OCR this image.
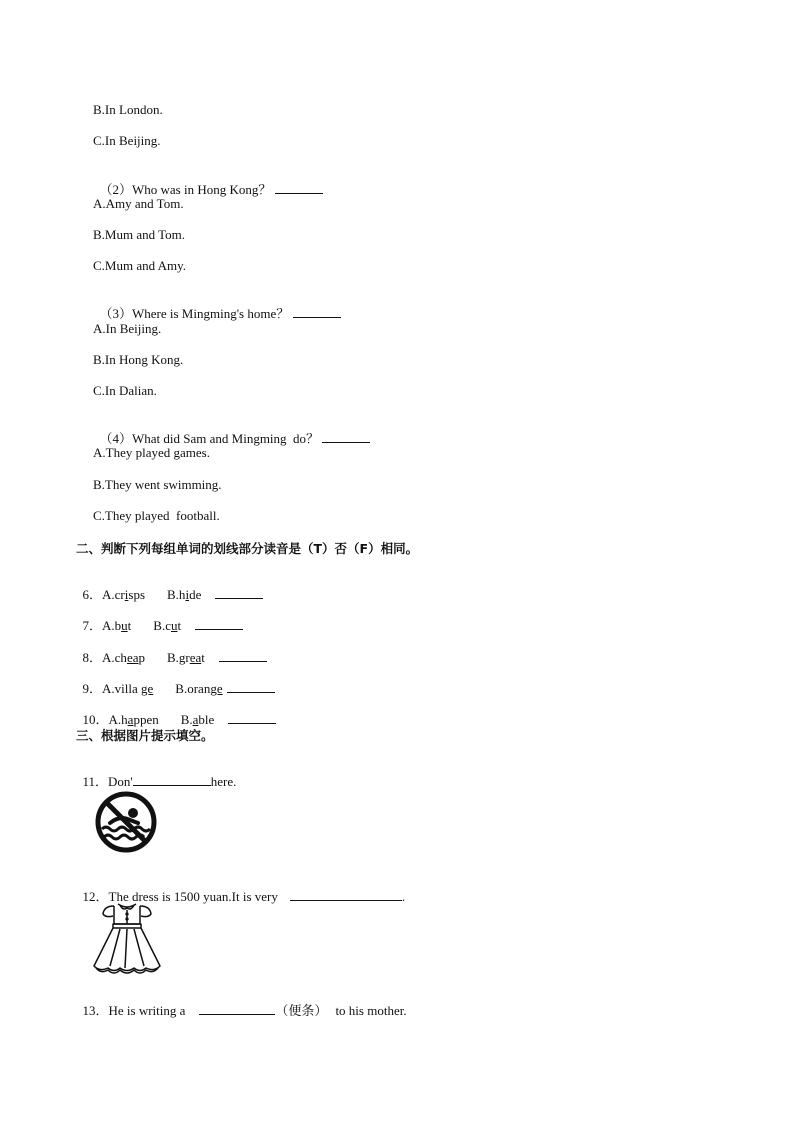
B.In London.
C.In Beijing.

（2）Who was in Hong Kong？

A.Amy and Tom.
B.Mum and Tom.
C.Mum and Amy.

（3）Where is Mingming's home？

A.In Beijing.
B.In Hong Kong.
C.In Dalian.

（4）What did Sam and Mingming  do？

A.They played games.
B.They went swimming.
C.They played  football.
二、判断下列每组单词的划线部分读音是（T）否（F）相同。

6．A.crisps B.hide

7．A.but B.cut

8．A.cheap B.great

9．A.villa ge B.orange

10．A.happen B.able

三、根据图片提示填空。

11．Don'	here.

12．The dress is 1500 yuan.It is very	.

13．He is writing a	（便条） to his mother.
